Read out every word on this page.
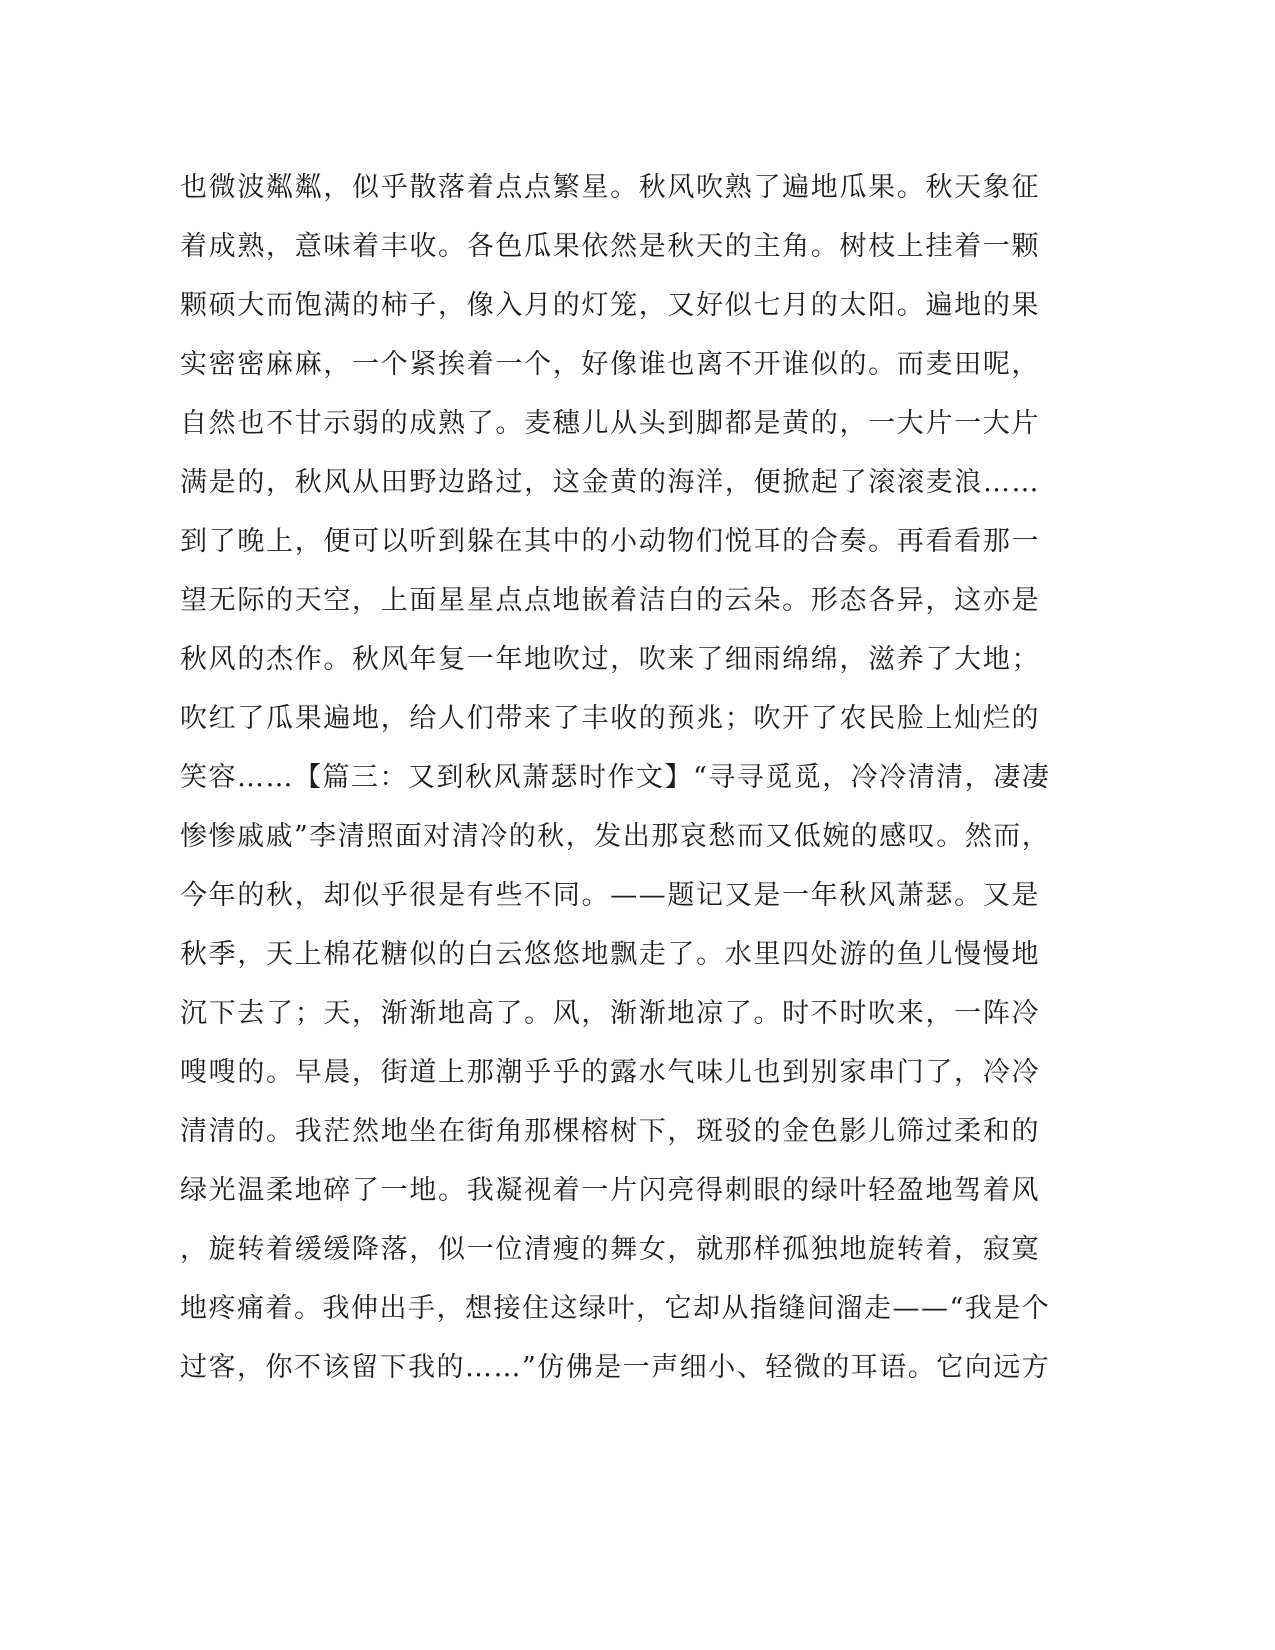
也微波粼粼，似乎散落着点点繁星。秋风吹熟了遍地瓜果。秋天象征
着成熟，意味着丰收。各色瓜果依然是秋天的主角。树枝上挂着一颗
颗硕大而饱满的柿子，像入月的灯笼，又好似七月的太阳。遍地的果
实密密麻麻，一个紧挨着一个，好像谁也离不开谁似的。而麦田呢，
自然也不甘示弱的成熟了。麦穗儿从头到脚都是黄的，一大片一大片
满是的，秋风从田野边路过，这金黄的海洋，便掀起了滚滚麦浪……
到了晚上，便可以听到躲在其中的小动物们悦耳的合奏。再看看那一
望无际的天空，上面星星点点地嵌着洁白的云朵。形态各异，这亦是
秋风的杰作。秋风年复一年地吹过，吹来了细雨绵绵，滋养了大地；
吹红了瓜果遍地，给人们带来了丰收的预兆；吹开了农民脸上灿烂的
笑容……【篇三：又到秋风萧瑟时作文】“寻寻觅觅，冷冷清清，凄凄
惨惨戚戚”李清照面对清冷的秋，发出那哀愁而又低婉的感叹。然而，
今年的秋，却似乎很是有些不同。——题记又是一年秋风萧瑟。又是
秋季，天上棉花糖似的白云悠悠地飘走了。水里四处游的鱼儿慢慢地
沉下去了；天，渐渐地高了。风，渐渐地凉了。时不时吹来，一阵冷
嗖嗖的。早晨，街道上那潮乎乎的露水气味儿也到别家串门了，冷冷
清清的。我茫然地坐在街角那棵榕树下，斑驳的金色影儿筛过柔和的
绿光温柔地碎了一地。我凝视着一片闪亮得刺眼的绿叶轻盈地驾着风
，旋转着缓缓降落，似一位清瘦的舞女，就那样孤独地旋转着，寂寞
地疼痛着。我伸出手，想接住这绿叶，它却从指缝间溜走——“我是个
过客，你不该留下我的……”仿佛是一声细小、轻微的耳语。它向远方
